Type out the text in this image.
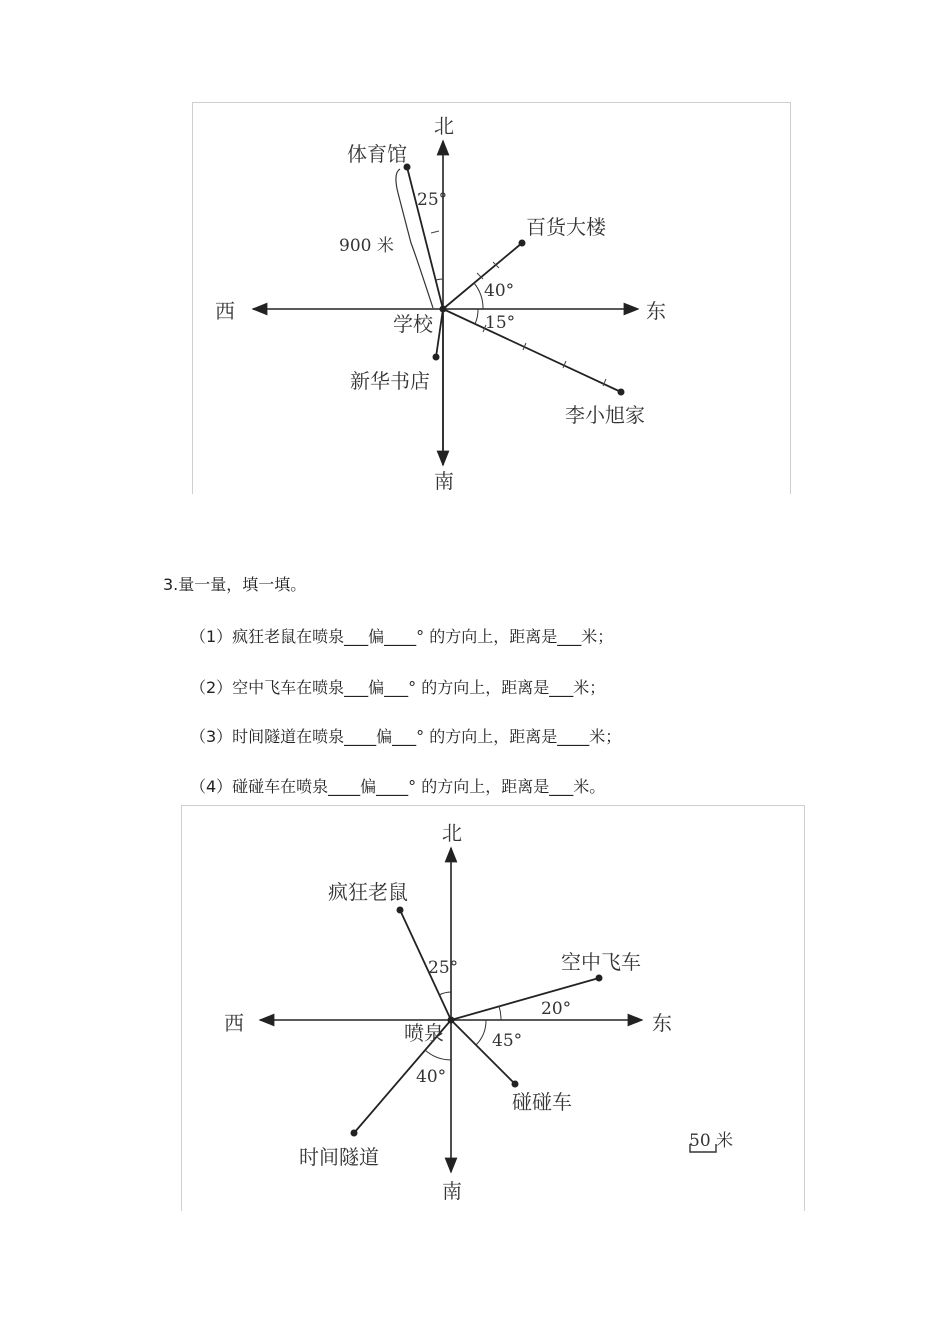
北
南
东
西
学校
体育馆
百货大楼
新华书店
李小旭家
25°
40°
15°
900 米
3.量一量，填一填。
（1）疯狂老鼠在喷泉___偏____° 的方向上，距离是___米；
（2）空中飞车在喷泉___偏___° 的方向上，距离是___米；
（3）时间隧道在喷泉____偏___° 的方向上，距离是____米；
（4）碰碰车在喷泉____偏____° 的方向上，距离是___米。
北
南
东
西	喷泉
疯狂老鼠
空中飞车
碰碰车
时间隧道
25°
20°
45°
40°
50 米
